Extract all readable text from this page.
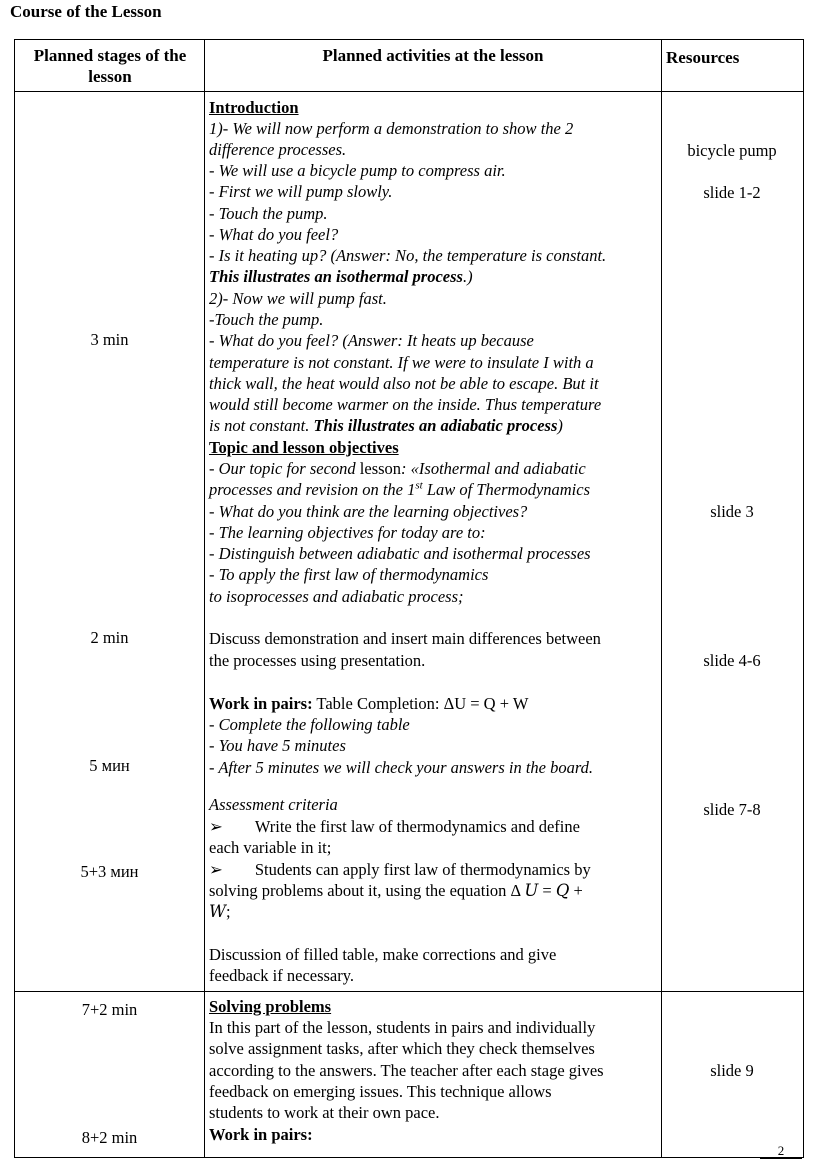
Course of the Lesson
Planned stages of the lesson
Planned activities at the lesson	Resources
3 min
2 min
5 мин
5+3 мин
7+2 min
8+2 min
bicycle pump
slide 1-2
slide 3
slide 4-6
slide 7-8
slide 9
Introduction
1)- We will now perform a demonstration to show the 2
difference processes.
- We will use a bicycle pump to compress air.
- First we will pump slowly.
- Touch the pump.
- What do you feel?
- Is it heating up? (Answer: No, the temperature is constant.
This illustrates an isothermal process.)
2)- Now we will pump fast.
-Touch the pump.
- What do you feel? (Answer: It heats up because
temperature is not constant. If we were to insulate I with a
thick wall, the heat would also not be able to escape. But it
would still become warmer on the inside. Thus temperature
is not constant. This illustrates an adiabatic process)
Topic and lesson objectives
- Our topic for second lesson: «Isothermal and adiabatic
processes and revision on the 1st Law of Thermodynamics
- What do you think are the learning objectives?
- The learning objectives for today are to:
- Distinguish between adiabatic and isothermal processes
- To apply the first law of thermodynamics
to isoprocesses and adiabatic process;
Discuss demonstration and insert main differences between
the processes using presentation.
Work in pairs: Table Completion: ΔU = Q + W
- Complete the following table
- You have 5 minutes
- After 5 minutes we will check your answers in the board.
Assessment criteria
➢ Write the first law of thermodynamics and define
each variable in it;
➢ Students can apply first law of thermodynamics by
solving problems about it, using the equation Δ 𝑈 = 𝑄 +
𝑊;
Discussion of filled table, make corrections and give
feedback if necessary.
Solving problems
In this part of the lesson, students in pairs and individually
solve assignment tasks, after which they check themselves
according to the answers. The teacher after each stage gives
feedback on emerging issues. This technique allows
students to work at their own pace.
Work in pairs:
2
